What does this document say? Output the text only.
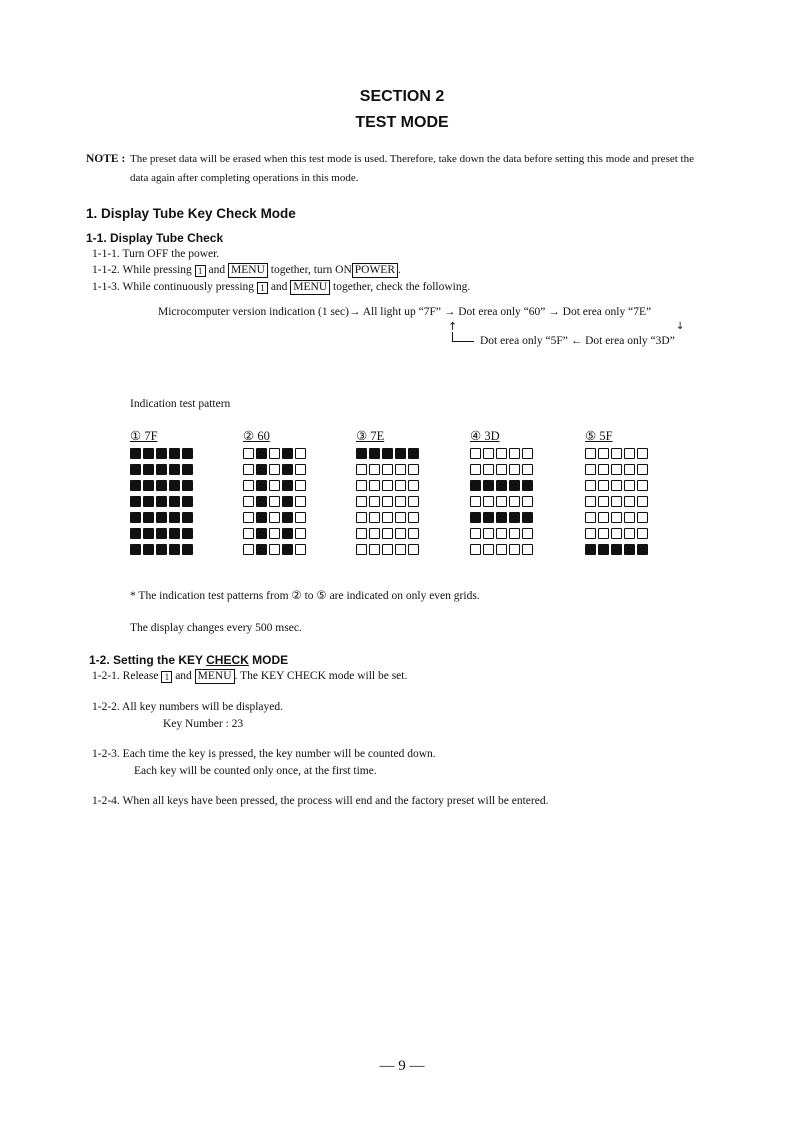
SECTION 2
TEST MODE
NOTE : The preset data will be erased when this test mode is used. Therefore, take down the data before setting this mode and preset the
data again after completing operations in this mode.
1. Display Tube Key Check Mode
1-1. Display Tube Check
1-1-1. Turn OFF the power.
1-1-2. While pressing 1 and MENU together, turn ON POWER .
1-1-3. While continuously pressing 1 and MENU together, check the following.
Microcomputer version indication (1 sec)→ All light up “7F” → Dot erea only “60” → Dot erea only “7E”
↓
↑
Dot erea only “5F” ← Dot erea only “3D”
Indication test pattern
① 7F	② 60	③ 7E	④ 3D	⑤ 5F
* The indication test patterns from ② to ⑤ are indicated on only even grids.
The display changes every 500 msec.
1-2. Setting the KEY CHECK MODE
1-2-1. Release 1 and MENU . The KEY CHECK mode will be set.
1-2-2. All key numbers will be displayed.
Key Number : 23
1-2-3. Each time the key is pressed, the key number will be counted down.
Each key will be counted only once, at the first time.
1-2-4. When all keys have been pressed, the process will end and the factory preset will be entered.
— 9 —
